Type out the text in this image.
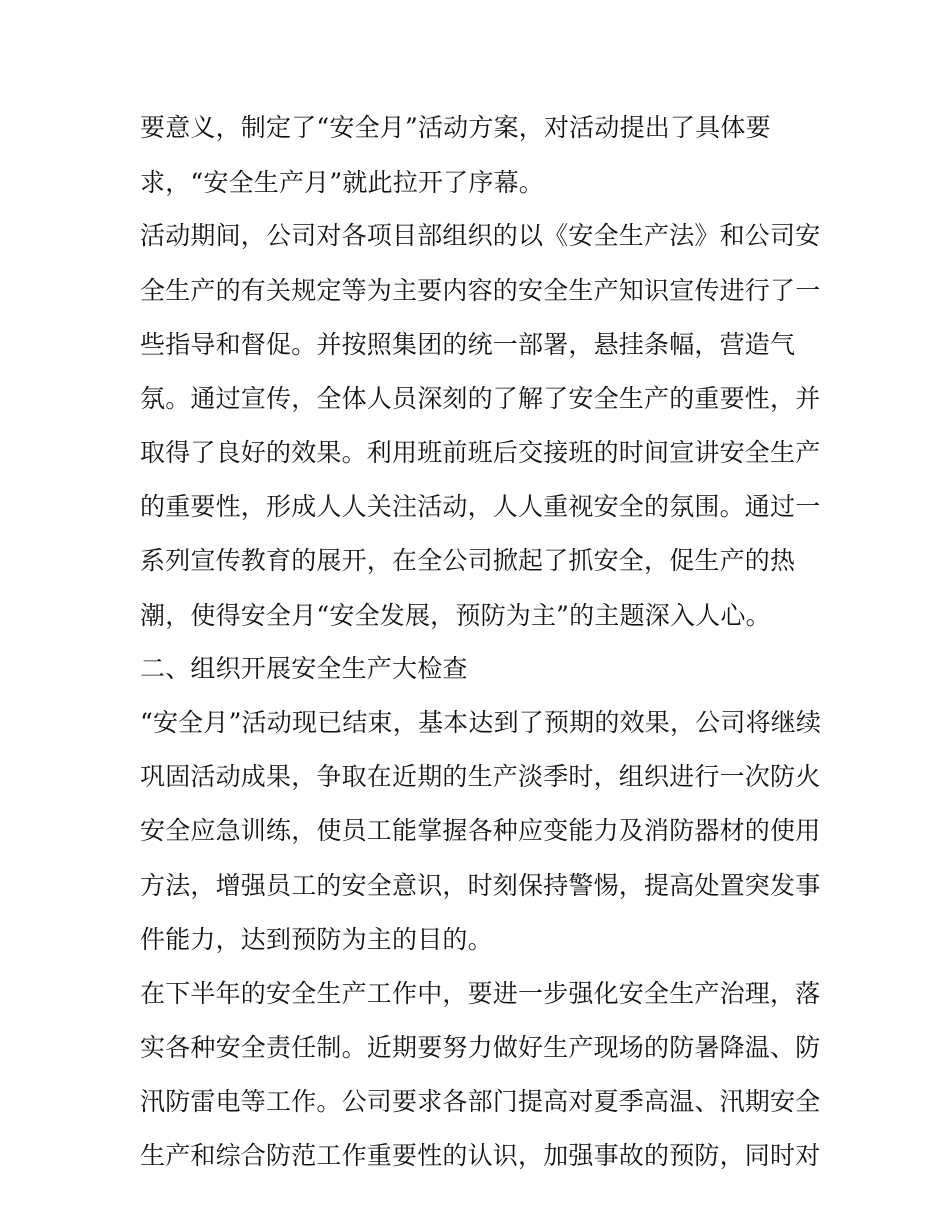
要意义，制定了“安全月”活动方案，对活动提出了具体要
求，“安全生产月”就此拉开了序幕。
活动期间，公司对各项目部组织的以《安全生产法》和公司安
全生产的有关规定等为主要内容的安全生产知识宣传进行了一
些指导和督促。并按照集团的统一部署，悬挂条幅，营造气
氛。通过宣传，全体人员深刻的了解了安全生产的重要性，并
取得了良好的效果。利用班前班后交接班的时间宣讲安全生产
的重要性，形成人人关注活动，人人重视安全的氛围。通过一
系列宣传教育的展开，在全公司掀起了抓安全，促生产的热
潮，使得安全月“安全发展，预防为主”的主题深入人心。
二、组织开展安全生产大检查
“安全月”活动现已结束，基本达到了预期的效果，公司将继续
巩固活动成果，争取在近期的生产淡季时，组织进行一次防火
安全应急训练，使员工能掌握各种应变能力及消防器材的使用
方法，增强员工的安全意识，时刻保持警惕，提高处置突发事
件能力，达到预防为主的目的。
在下半年的安全生产工作中，要进一步强化安全生产治理，落
实各种安全责任制。近期要努力做好生产现场的防暑降温、防
汛防雷电等工作。公司要求各部门提高对夏季高温、汛期安全
生产和综合防范工作重要性的认识，加强事故的预防，同时对
